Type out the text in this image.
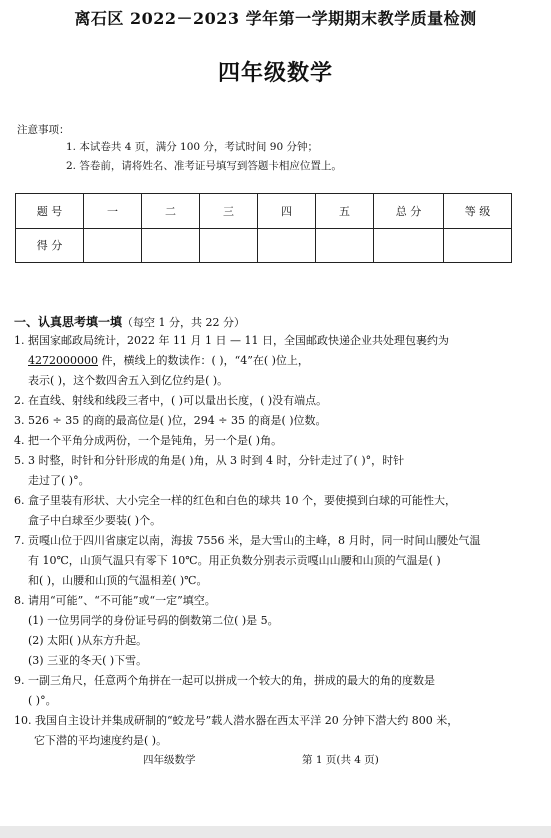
离石区 2022－2023 学年第一学期期末教学质量检测
四年级数学
注意事项：
1. 本试卷共 4 页，满分 100 分，考试时间 90 分钟；
2. 答卷前，请将姓名、准考证号填写到答题卡相应位置上。
题 号	一	二	三	四	五	总 分	等 级
得 分							
一、认真思考填一填（每空 1 分，共 22 分）
1. 据国家邮政局统计，2022 年 11 月 1 日 — 11 日，全国邮政快递企业共处理包裹约为
4272000000 件，横线上的数读作：( )，“4”在( )位上，
表示( )，这个数四舍五入到亿位约是( )。
2. 在直线、射线和线段三者中，( )可以量出长度，( )没有端点。
3. 526 ÷ 35 的商的最高位是( )位，294 ÷ 35 的商是( )位数。
4. 把一个平角分成两份，一个是钝角，另一个是( )角。
5. 3 时整，时针和分针形成的角是( )角，从 3 时到 4 时，分针走过了( )°，时针
走过了( )°。
6. 盒子里装有形状、大小完全一样的红色和白色的球共 10 个，要使摸到白球的可能性大，
盒子中白球至少要装( )个。
7. 贡嘎山位于四川省康定以南，海拔 7556 米，是大雪山的主峰，8 月时，同一时间山腰处气温
有 10℃，山顶气温只有零下 10℃。用正负数分别表示贡嘎山山腰和山顶的气温是( )
和( )，山腰和山顶的气温相差( )℃。
8. 请用“可能”、“不可能”或“一定”填空。
(1) 一位男同学的身份证号码的倒数第二位( )是 5。
(2) 太阳( )从东方升起。
(3) 三亚的冬天( )下雪。
9. 一副三角尺，任意两个角拼在一起可以拼成一个较大的角，拼成的最大的角的度数是
( )°。
10. 我国自主设计并集成研制的“蛟龙号”载人潜水器在西太平洋 20 分钟下潜大约 800 米，
它下潜的平均速度约是( )。
四年级数学	第 1 页(共 4 页)
